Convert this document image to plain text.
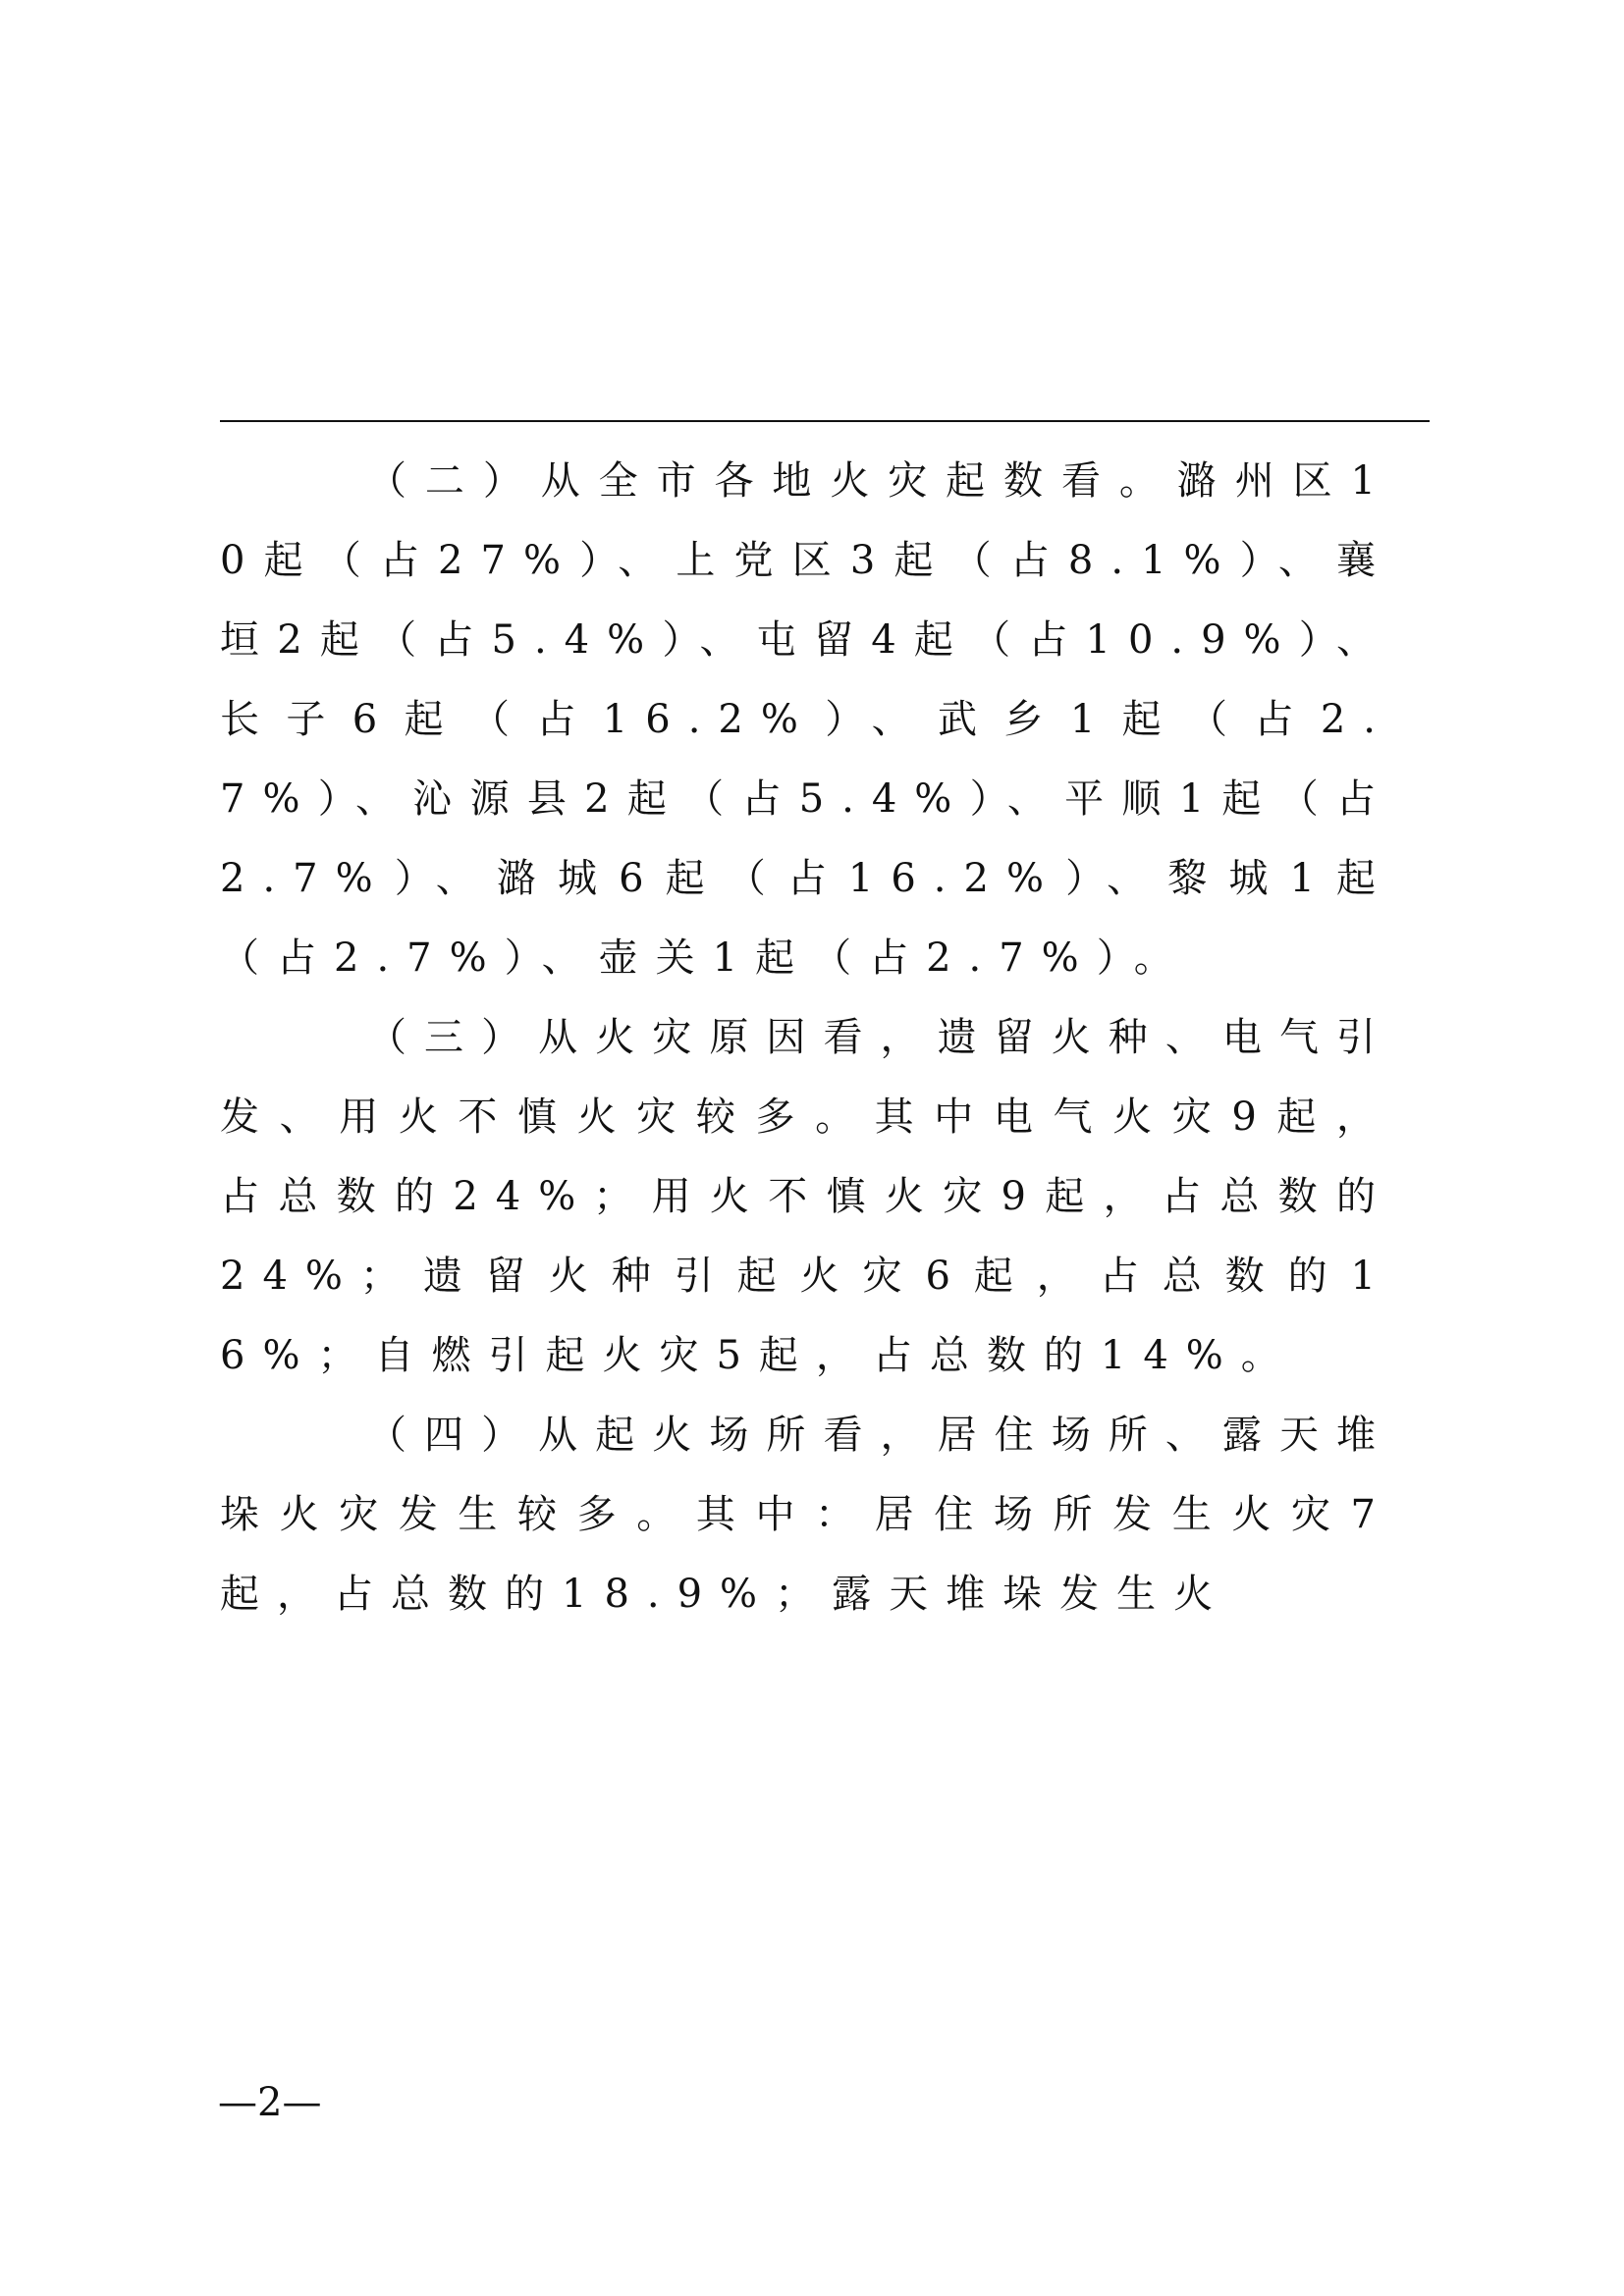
（二）从全市各地火灾起数看。潞州区10起（占27%）、上党区3起（占8.1%）、襄垣2起（占5.4%）、屯留4起（占10.9%）、长子6起（占16.2%）、武乡1起（占2.7%）、沁源县2起（占5.4%）、平顺1起（占2.7%）、潞城6起（占16.2%）、黎城1起（占2.7%）、壶关1起（占2.7%）。

（三）从火灾原因看，遗留火种、电气引发、用火不慎火灾较多。其中电气火灾9起，占总数的24%；用火不慎火灾9起，占总数的24%；遗留火种引起火灾6起，占总数的16%；自燃引起火灾5起，占总数的14%。

（四）从起火场所看，居住场所、露天堆垛火灾发生较多。其中：居住场所发生火灾7起，占总数的18.9%；露天堆垛发生火

—2—
